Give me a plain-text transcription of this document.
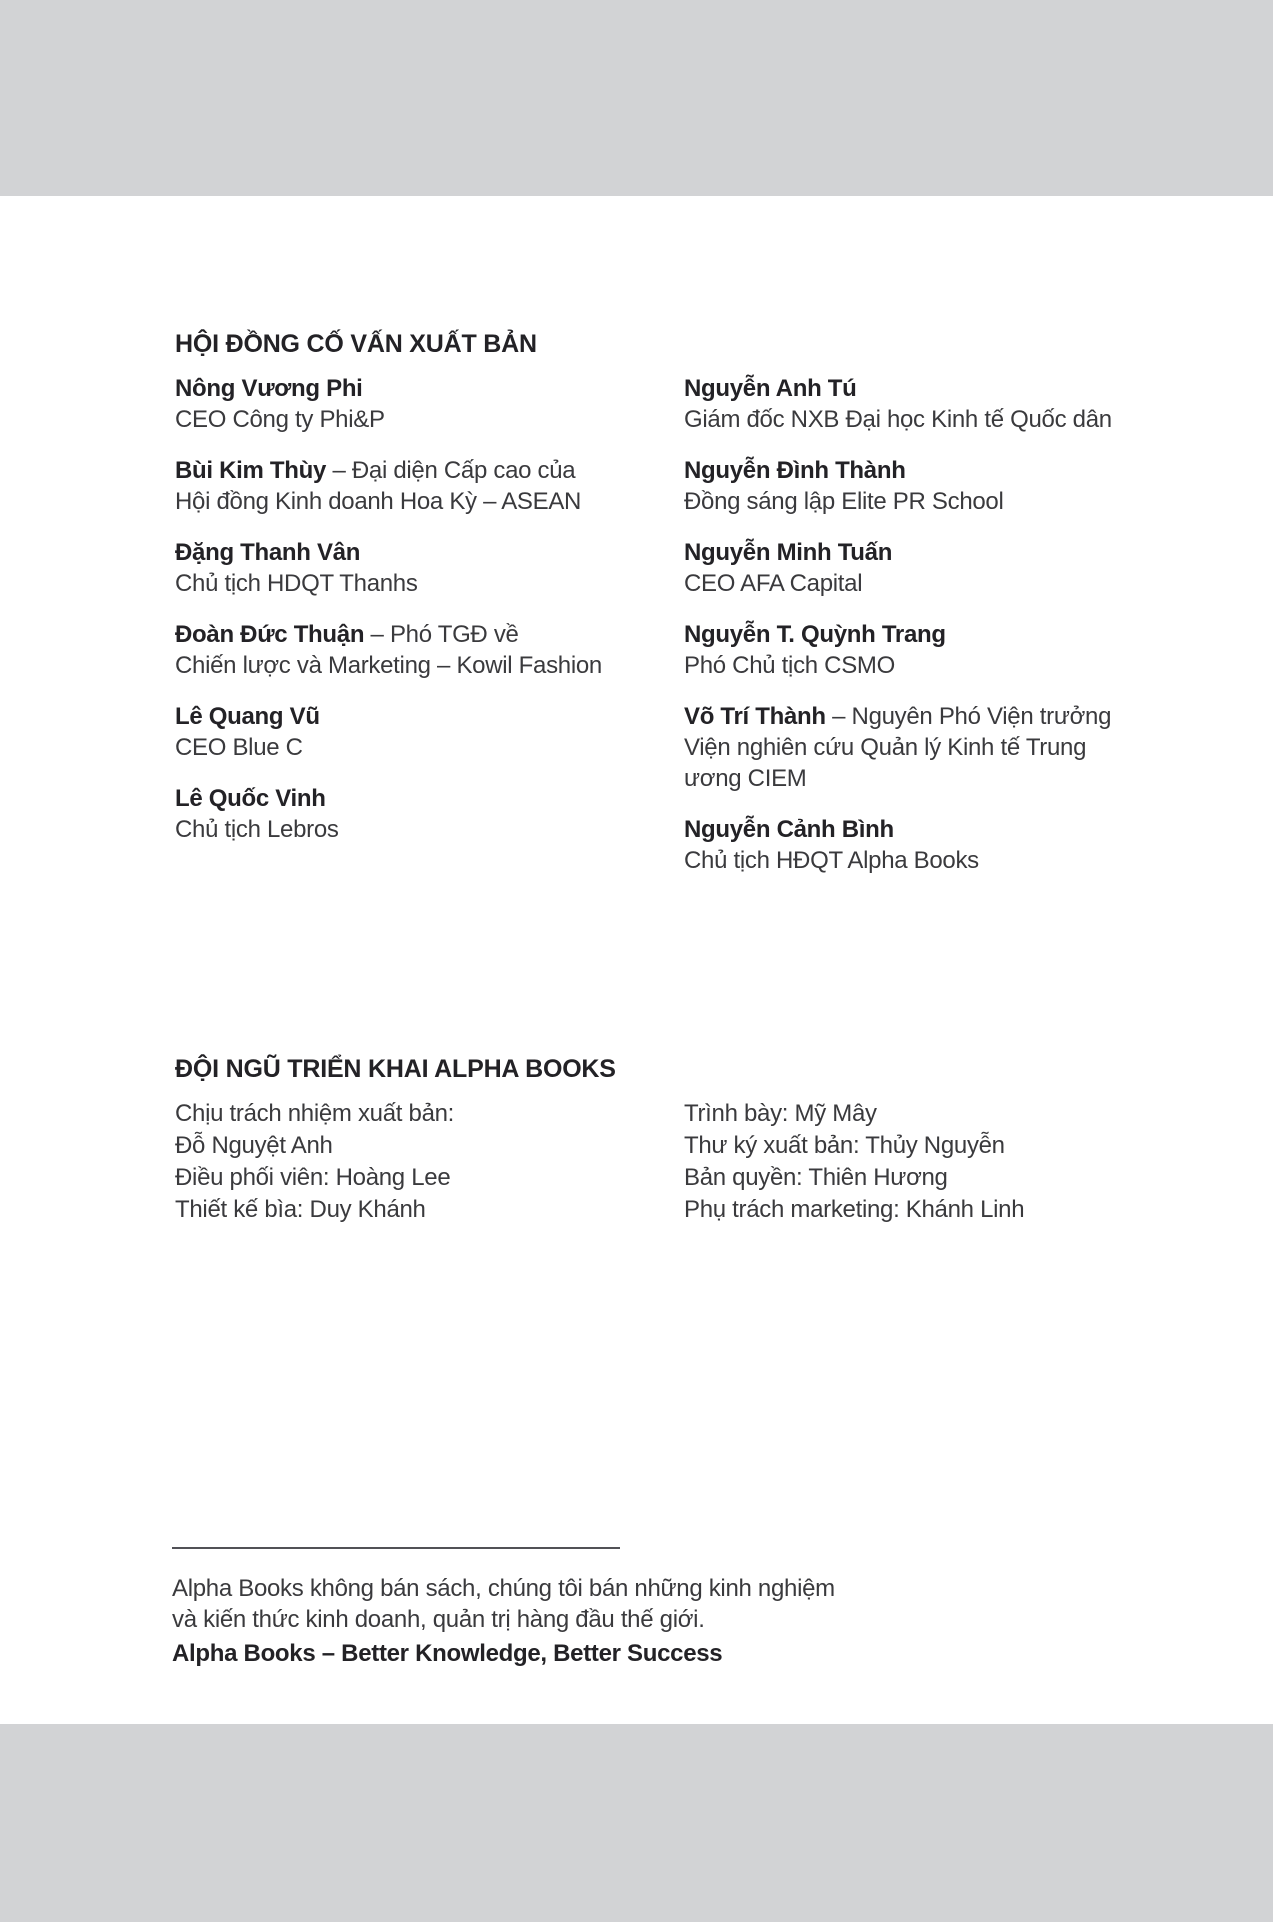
HỘI ĐỒNG CỐ VẤN XUẤT BẢN
Nông Vương Phi
CEO Công ty Phi&P
Bùi Kim Thùy – Đại diện Cấp cao của
Hội đồng Kinh doanh Hoa Kỳ – ASEAN
Đặng Thanh Vân
Chủ tịch HDQT Thanhs
Đoàn Đức Thuận – Phó TGĐ về
Chiến lược và Marketing – Kowil Fashion
Lê Quang Vũ
CEO Blue C
Lê Quốc Vinh
Chủ tịch Lebros
Nguyễn Anh Tú
Giám đốc NXB Đại học Kinh tế Quốc dân
Nguyễn Đình Thành
Đồng sáng lập Elite PR School
Nguyễn Minh Tuấn
CEO AFA Capital
Nguyễn T. Quỳnh Trang
Phó Chủ tịch CSMO
Võ Trí Thành – Nguyên Phó Viện trưởng
Viện nghiên cứu Quản lý Kinh tế Trung
ương CIEM
Nguyễn Cảnh Bình
Chủ tịch HĐQT Alpha Books
ĐỘI NGŨ TRIỂN KHAI ALPHA BOOKS
Chịu trách nhiệm xuất bản:
Đỗ Nguyệt Anh
Điều phối viên: Hoàng Lee
Thiết kế bìa: Duy Khánh
Trình bày: Mỹ Mây
Thư ký xuất bản: Thủy Nguyễn
Bản quyền: Thiên Hương
Phụ trách marketing: Khánh Linh
Alpha Books không bán sách, chúng tôi bán những kinh nghiệm
và kiến thức kinh doanh, quản trị hàng đầu thế giới.
Alpha Books – Better Knowledge, Better Success
